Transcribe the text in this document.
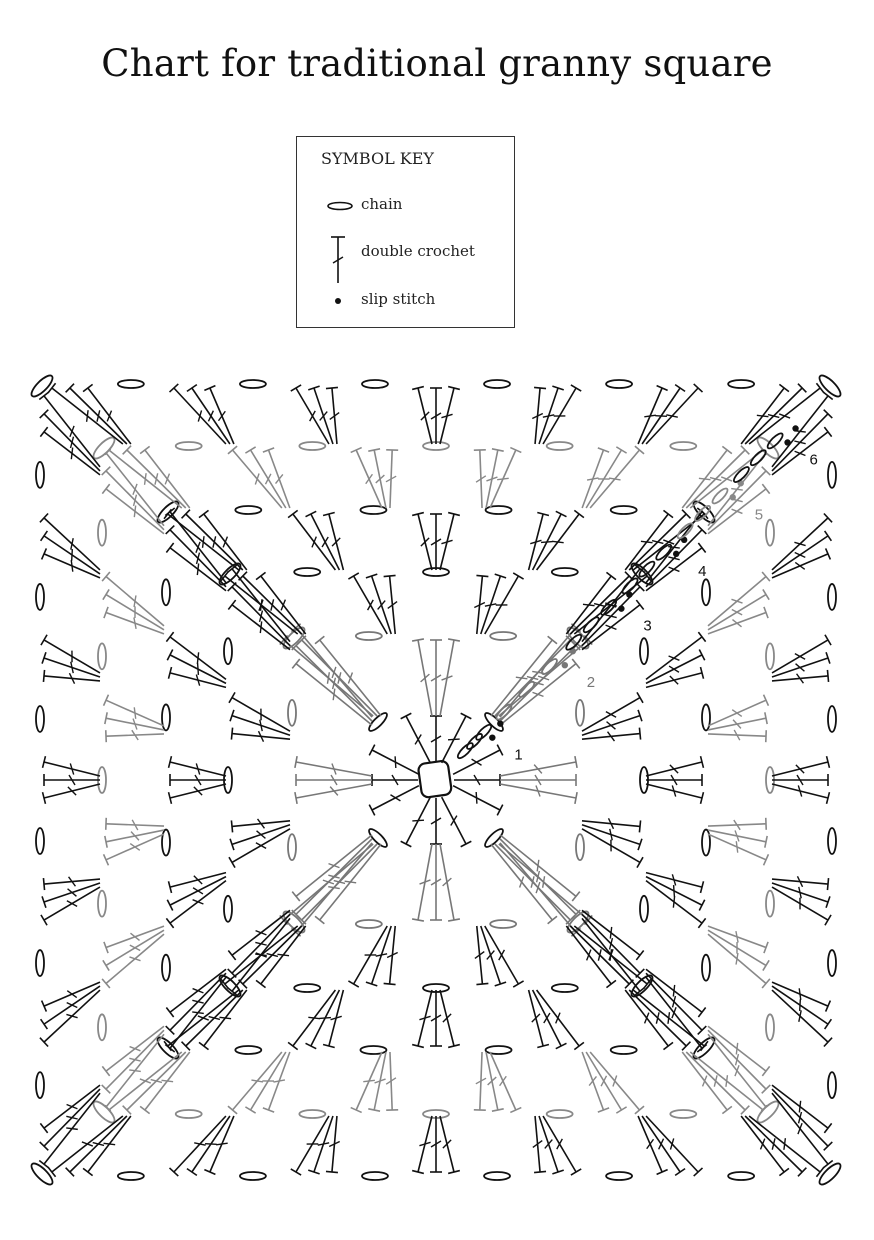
Chart for traditional granny square
SYMBOL KEY
chain
double crochet
slip stitch
1
2
3
4
5
6
